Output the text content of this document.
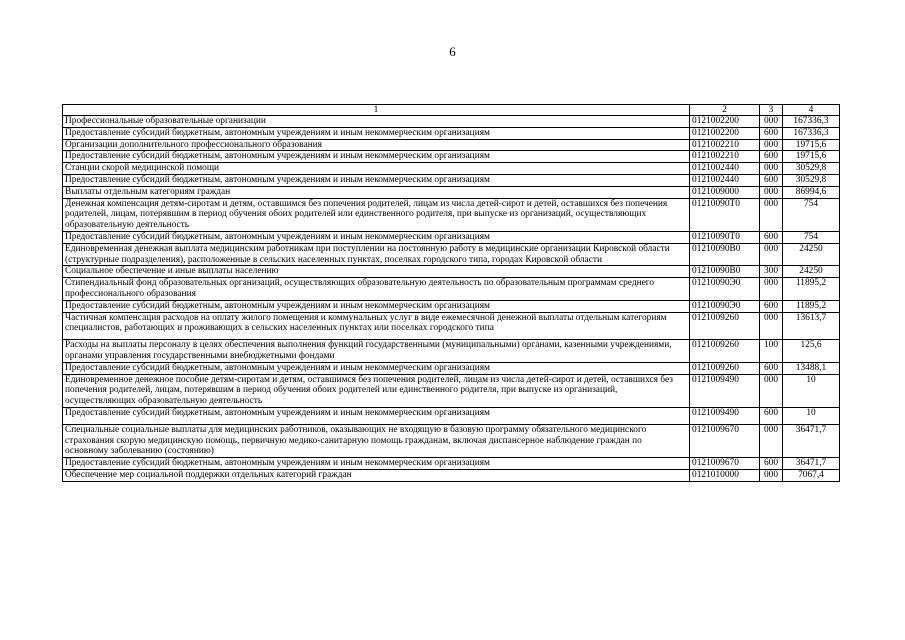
6
1	2	3	4
Профессиональные образовательные организации	0121002200	000	167336,3
Предоставление субсидий бюджетным, автономным учреждениям и иным некоммерческим организациям	0121002200	600	167336,3
Организации дополнительного профессионального образования	0121002210	000	19715,6
Предоставление субсидий бюджетным, автономным учреждениям и иным некоммерческим организациям	0121002210	600	19715,6
Станции скорой медицинской помощи	0121002440	000	30529,8
Предоставление субсидий бюджетным, автономным учреждениям и иным некоммерческим организациям	0121002440	600	30529,8
Выплаты отдельным категориям граждан	0121009000	000	86994,6
Денежная компенсация детям-сиротам и детям, оставшимся без попечения родителей, лицам из числа детей-сирот и детей, оставшихся без попечения родителей, лицам, потерявшим в период обучения обоих родителей или единственного родителя, при выпуске из организаций, осуществляющих образовательную деятельность	01210090Т0	000	754
Предоставление субсидий бюджетным, автономным учреждениям и иным некоммерческим организациям	01210090Т0	600	754
Единовременная денежная выплата медицинским работникам при поступлении на постоянную работу в медицинские организации Кировской области (структурные подразделения), расположенные в сельских населенных пунктах, поселках городского типа, городах Кировской области	01210090В0	000	24250
Социальное обеспечение и иные выплаты населению	01210090В0	300	24250
Стипендиальный фонд образовательных организаций, осуществляющих образовательную деятельность по образовательным программам среднего профессионального образования	01210090Э0	000	11895,2
Предоставление субсидий бюджетным, автономным учреждениям и иным некоммерческим организациям	01210090Э0	600	11895,2
Частичная компенсация расходов на оплату жилого помещения и коммунальных услуг в виде ежемесячной денежной выплаты отдельным категориям специалистов, работающих и проживающих в сельских населенных пунктах или поселках городского типа	0121009260	000	13613,7
Расходы на выплаты персоналу в целях обеспечения выполнения функций государственными (муниципальными) органами, казенными учреждениями, органами управления государственными внебюджетными фондами	0121009260	100	125,6
Предоставление субсидий бюджетным, автономным учреждениям и иным некоммерческим организациям	0121009260	600	13488,1
Единовременное денежное пособие детям-сиротам и детям, оставшимся без попечения родителей, лицам из числа детей-сирот и детей, оставшихся без попечения родителей, лицам, потерявшим в период обучения обоих родителей или единственного родителя, при выпуске из организаций, осуществляющих образовательную деятельность	0121009490	000	10
Предоставление субсидий бюджетным, автономным учреждениям и иным некоммерческим организациям	0121009490	600	10
Специальные социальные выплаты для медицинских работников, оказывающих не входящую в базовую программу обязательного медицинского страхования скорую медицинскую помощь, первичную медико-санитарную помощь гражданам, включая диспансерное наблюдение граждан по основному заболеванию (состоянию)	0121009670	000	36471,7
Предоставление субсидий бюджетным, автономным учреждениям и иным некоммерческим организациям	0121009670	600	36471,7
Обеспечение мер социальной поддержки отдельных категорий граждан	0121010000	000	7067,4
